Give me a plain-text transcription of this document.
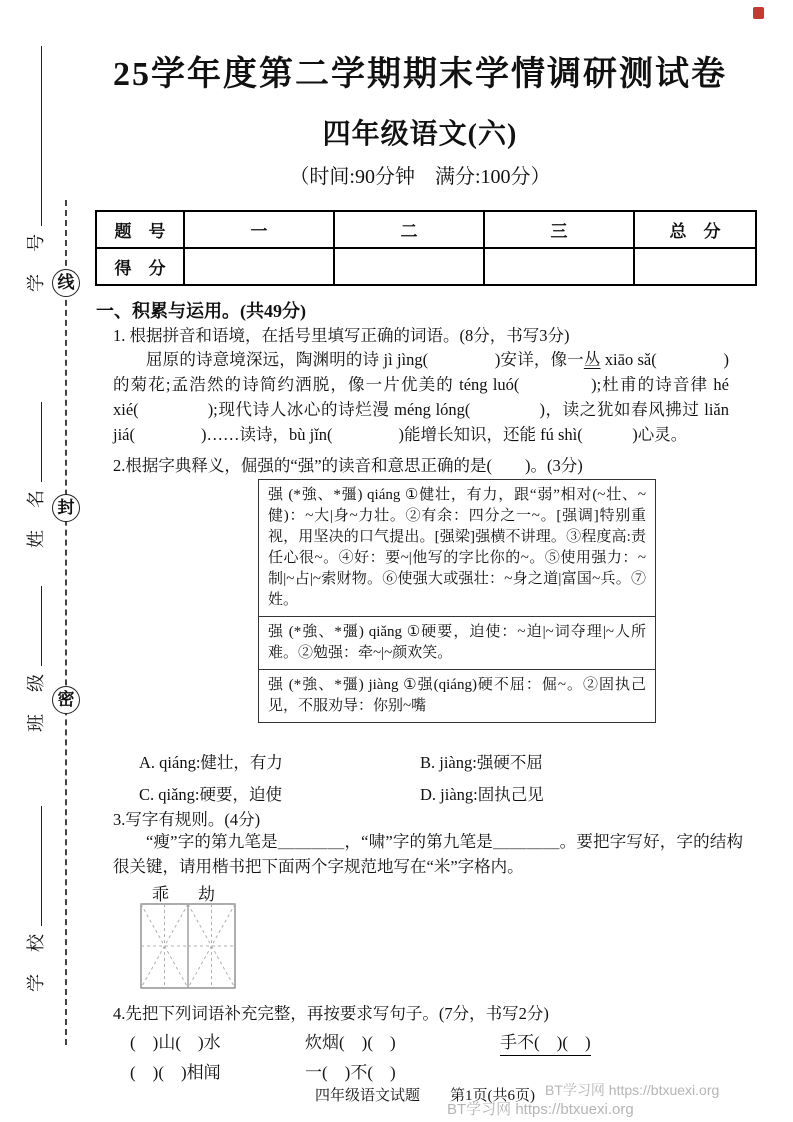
学　号
姓　名
班　级
学　校
线
封
密
25学年度第二学期期末学情调研测试卷
四年级语文(六)
（时间:90分钟　满分:100分）
题　号	一	二	三	总　分
得　分				
一、积累与运用。(共49分)
1. 根据拼音和语境，在括号里填写正确的词语。(8分，书写3分)
屈原的诗意境深远，陶渊明的诗 jì jìng(　　　　)安详，像一丛 xiāo sǎ(　　　　)的菊花;孟浩然的诗简约洒脱，像一片优美的 téng luó(　　　　);杜甫的诗音律 hé xié(　　　　);现代诗人冰心的诗烂漫 méng lóng(　　　　)，读之犹如春风拂过 liǎn jiá(　　　　)……读诗，bù jǐn(　　　　)能增长知识，还能 fú shì(　　　)心灵。
2.根据字典释义，倔强的“强”的读音和意思正确的是(　　)。(3分)
强 (*強、*彊) qiáng ①健壮，有力，跟“弱”相对(~壮、~健)：~大|身~力壮。②有余：四分之一~。[强调]特别重视，用坚决的口气提出。[强梁]强横不讲理。③程度高:责任心很~。④好：要~|他写的字比你的~。⑤使用强力：~制|~占|~索财物。⑥使强大或强壮：~身之道|富国~兵。⑦姓。
强 (*強、*彊) qiǎng ①硬要，迫使：~迫|~词夺理|~人所难。②勉强：牵~|~颜欢笑。
强 (*強、*彊) jiàng ①强(qiáng)硬不屈：倔~。②固执己见，不服劝导：你别~嘴
A. qiáng:健壮，有力	B. jiàng:强硬不屈
C. qiǎng:硬要，迫使	D. jiàng:固执己见
3.写字有规则。(4分)
“瘦”字的第九笔是＿＿＿＿，“啸”字的第九笔是＿＿＿＿。要把字写好，字的结构很关键，请用楷书把下面两个字规范地写在“米”字格内。
乖　劫
4.先把下列词语补充完整，再按要求写句子。(7分，书写2分)
(　)山(　)水	炊烟(　)(　)	手不(　)(　)
(　)(　)相闻	一(　)不(　)
四年级语文试题　　第1页(共6页) BT学习网 https://btxuexi.org
BT学习网 https://btxuexi.org
